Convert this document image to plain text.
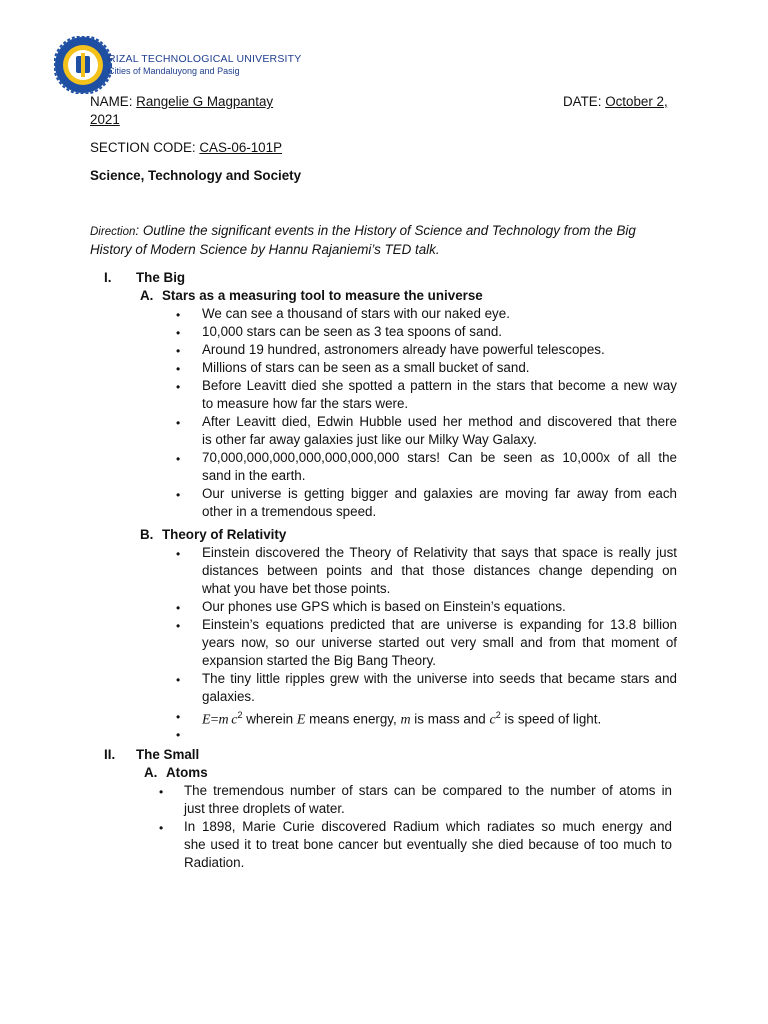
RIZAL TECHNOLOGICAL UNIVERSITY
Cities of Mandaluyong and Pasig
NAME: Rangelie G Magpantay	DATE: October 2,
2021
SECTION CODE: CAS-06-101P
Science, Technology and Society
Direction: Outline the significant events in the History of Science and Technology from the Big
History of Modern Science by Hannu Rajaniemi’s TED talk.
I. The Big
A. Stars as a measuring tool to measure the universe
• We can see a thousand of stars with our naked eye.
• 10,000 stars can be seen as 3 tea spoons of sand.
• Around 19 hundred, astronomers already have powerful telescopes.
• Millions of stars can be seen as a small bucket of sand.
• Before Leavitt died she spotted a pattern in the stars that become a new way
to measure how far the stars were.
• After Leavitt died, Edwin Hubble used her method and discovered that there
is other far away galaxies just like our Milky Way Galaxy.
• 70,000,000,000,000,000,000,000 stars! Can be seen as 10,000x of all the
sand in the earth.
• Our universe is getting bigger and galaxies are moving far away from each
other in a tremendous speed.
B. Theory of Relativity
• Einstein discovered the Theory of Relativity that says that space is really just
distances between points and that those distances change depending on
what you have bet those points.
• Our phones use GPS which is based on Einstein’s equations.
• Einstein’s equations predicted that are universe is expanding for 13.8 billion
years now, so our universe started out very small and from that moment of
expansion started the Big Bang Theory.
• The tiny little ripples grew with the universe into seeds that became stars and
galaxies.
• E=m  $c^2$ wherein E means energy, m is mass and $c^2$ is speed of light.
•
II. The Small
A. Atoms
• The tremendous number of stars can be compared to the number of atoms in
just three droplets of water.
• In 1898, Marie Curie discovered Radium which radiates so much energy and
she used it to treat bone cancer but eventually she died because of too much to
Radiation.
